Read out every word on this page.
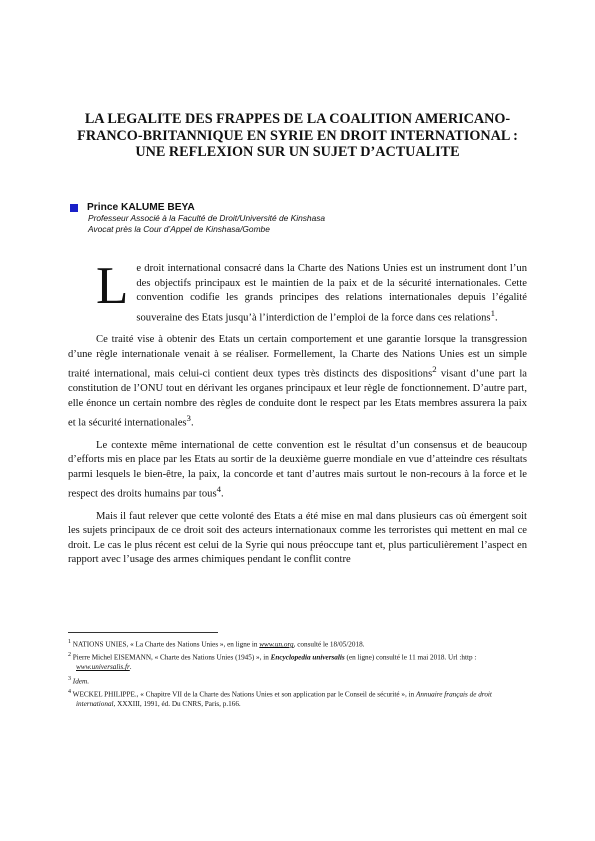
LA LEGALITE DES FRAPPES DE LA COALITION AMERICANO-FRANCO-BRITANNIQUE EN SYRIE EN DROIT INTERNATIONAL : UNE REFLEXION SUR UN SUJET D’ACTUALITE
Prince KALUME BEYA
Professeur Associé à la Faculté de Droit/Université de Kinshasa
Avocat près la Cour d’Appel de Kinshasa/Gombe

Le droit international consacré dans la Charte des Nations Unies est un instrument dont l’un des objectifs principaux est le maintien de la paix et de la sécurité internationales. Cette convention codifie les grands principes des relations internationales depuis l’égalité souveraine des Etats jusqu’à l’interdiction de l’emploi de la force dans ces relations$^1$.

Ce traité vise à obtenir des Etats un certain comportement et une garantie lorsque la transgression d’une règle internationale venait à se réaliser. Formellement, la Charte des Nations Unies est un simple traité international, mais celui-ci contient deux types très distincts des dispositions$^2$ visant d’une part la constitution de l’ONU tout en dérivant les organes principaux et leur règle de fonctionnement. D’autre part, elle énonce un certain nombre des règles de conduite dont le respect par les Etats membres assurera la paix et la sécurité internationales$^3$.

Le contexte même international de cette convention est le résultat d’un consensus et de beaucoup d’efforts mis en place par les Etats au sortir de la deuxième guerre mondiale en vue d’atteindre ces résultats parmi lesquels le bien-être, la paix, la concorde et tant d’autres mais surtout le non-recours à la force et le respect des droits humains par tous$^4$.

Mais il faut relever que cette volonté des Etats a été mise en mal dans plusieurs cas où émergent soit les sujets principaux de ce droit soit des acteurs internationaux comme les terroristes qui mettent en mal ce droit. Le cas le plus récent est celui de la Syrie qui nous préoccupe tant et, plus particulièrement l’aspect en rapport avec l’usage des armes chimiques pendant le conflit contre

$^1$ NATIONS UNIES, « La Charte des Nations Unies », en ligne in www.un.org, consulté le 18/05/2018.

$^2$ Pierre Michel EISEMANN, « Charte des Nations Unies (1945) », in Encyclopedia universalis (en ligne) consulté le 11 mai 2018. Url :http : www.universalis.fr.

$^3$ Idem.

$^4$ WECKEL PHILIPPE., « Chapitre VII de la Charte des Nations Unies et son application par le Conseil de sécurité », in Annuaire français de droit international, XXXIII, 1991, éd. Du CNRS, Paris, p.166.
